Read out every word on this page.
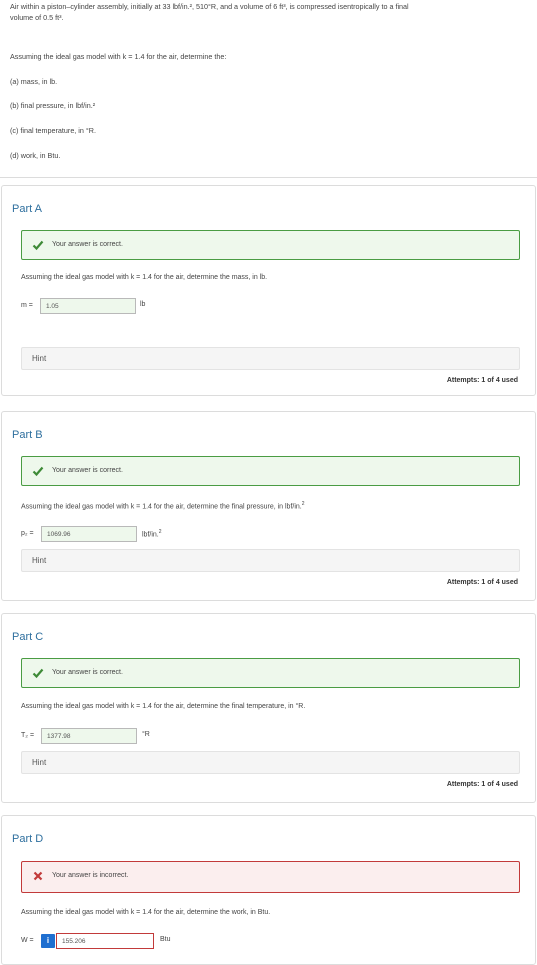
Air within a piston–cylinder assembly, initially at 33 lbf/in.², 510°R, and a volume of 6 ft³, is compressed isentropically to a final
volume of 0.5 ft³.
Assuming the ideal gas model with k = 1.4 for the air, determine the:
(a) mass, in lb.
(b) final pressure, in lbf/in.²
(c) final temperature, in °R.
(d) work, in Btu.
Part A
Your answer is correct.
Assuming the ideal gas model with k = 1.4 for the air, determine the mass, in lb.
m =	1.05	lb
Hint
Attempts: 1 of 4 used
Part B
Your answer is correct.
Assuming the ideal gas model with k = 1.4 for the air, determine the final pressure, in lbf/in.$^2$
p₂ =	1069.96	lbf/in.$^2$
Hint
Attempts: 1 of 4 used
Part C
Your answer is correct.
Assuming the ideal gas model with k = 1.4 for the air, determine the final temperature, in °R.
T₂ =	1377.98	°R
Hint
Attempts: 1 of 4 used
Part D
Your answer is incorrect.
Assuming the ideal gas model with k = 1.4 for the air, determine the work, in Btu.
W =	i	155.206	Btu
